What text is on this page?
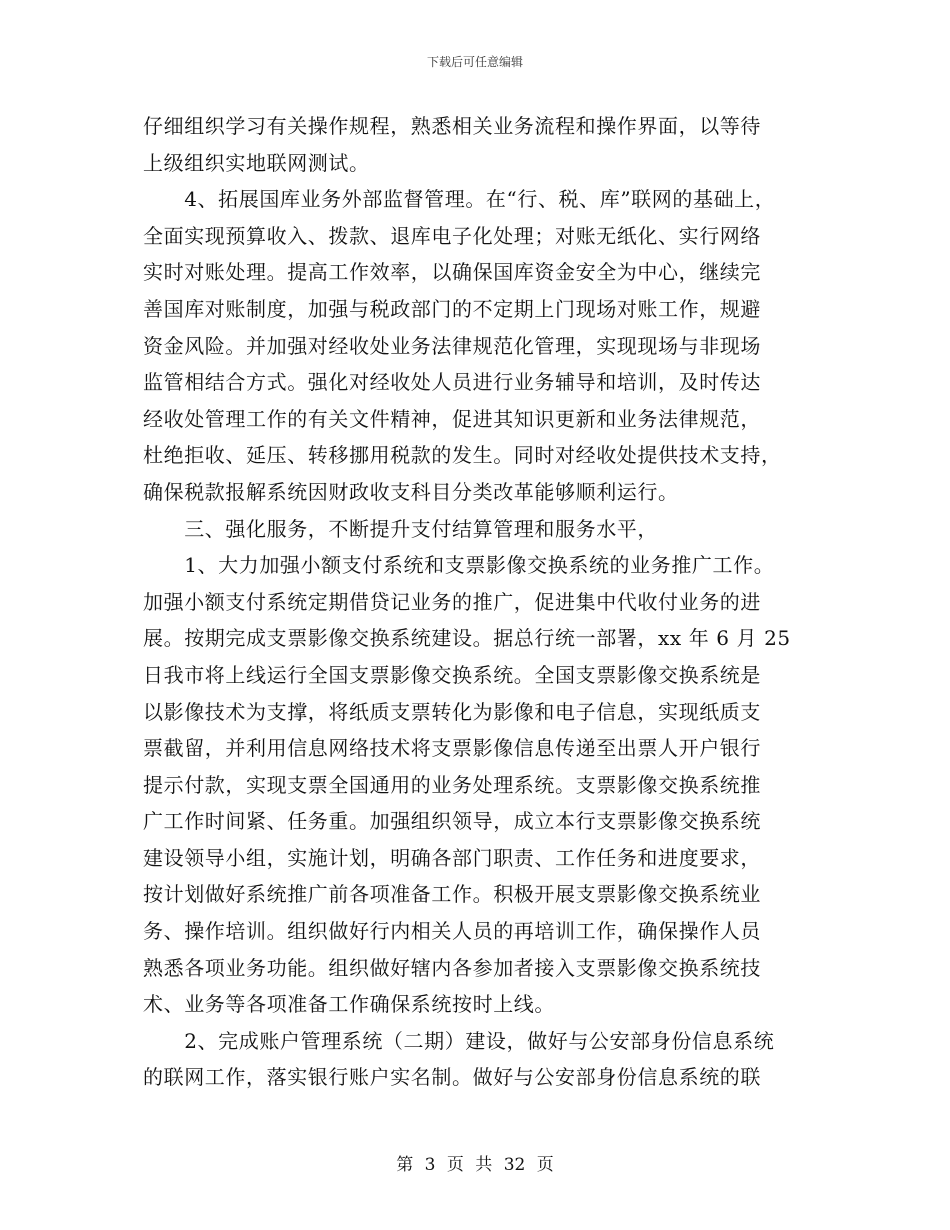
下载后可任意编辑
仔细组织学习有关操作规程，熟悉相关业务流程和操作界面，以等待
上级组织实地联网测试。
　　4、拓展国库业务外部监督管理。在“行、税、库”联网的基础上，
全面实现预算收入、拨款、退库电子化处理；对账无纸化、实行网络
实时对账处理。提高工作效率，以确保国库资金安全为中心，继续完
善国库对账制度，加强与税政部门的不定期上门现场对账工作，规避
资金风险。并加强对经收处业务法律规范化管理，实现现场与非现场
监管相结合方式。强化对经收处人员进行业务辅导和培训，及时传达
经收处管理工作的有关文件精神，促进其知识更新和业务法律规范，
杜绝拒收、延压、转移挪用税款的发生。同时对经收处提供技术支持，
确保税款报解系统因财政收支科目分类改革能够顺利运行。
　　三、强化服务，不断提升支付结算管理和服务水平，
　　1、大力加强小额支付系统和支票影像交换系统的业务推广工作。
加强小额支付系统定期借贷记业务的推广，促进集中代收付业务的进
展。按期完成支票影像交换系统建设。据总行统一部署，xx 年 6 月 25
日我市将上线运行全国支票影像交换系统。全国支票影像交换系统是
以影像技术为支撑，将纸质支票转化为影像和电子信息，实现纸质支
票截留，并利用信息网络技术将支票影像信息传递至出票人开户银行
提示付款，实现支票全国通用的业务处理系统。支票影像交换系统推
广工作时间紧、任务重。加强组织领导，成立本行支票影像交换系统
建设领导小组，实施计划，明确各部门职责、工作任务和进度要求，
按计划做好系统推广前各项准备工作。积极开展支票影像交换系统业
务、操作培训。组织做好行内相关人员的再培训工作，确保操作人员
熟悉各项业务功能。组织做好辖内各参加者接入支票影像交换系统技
术、业务等各项准备工作确保系统按时上线。
　　2、完成账户管理系统（二期）建设，做好与公安部身份信息系统
的联网工作，落实银行账户实名制。做好与公安部身份信息系统的联
第 3 页 共 32 页
